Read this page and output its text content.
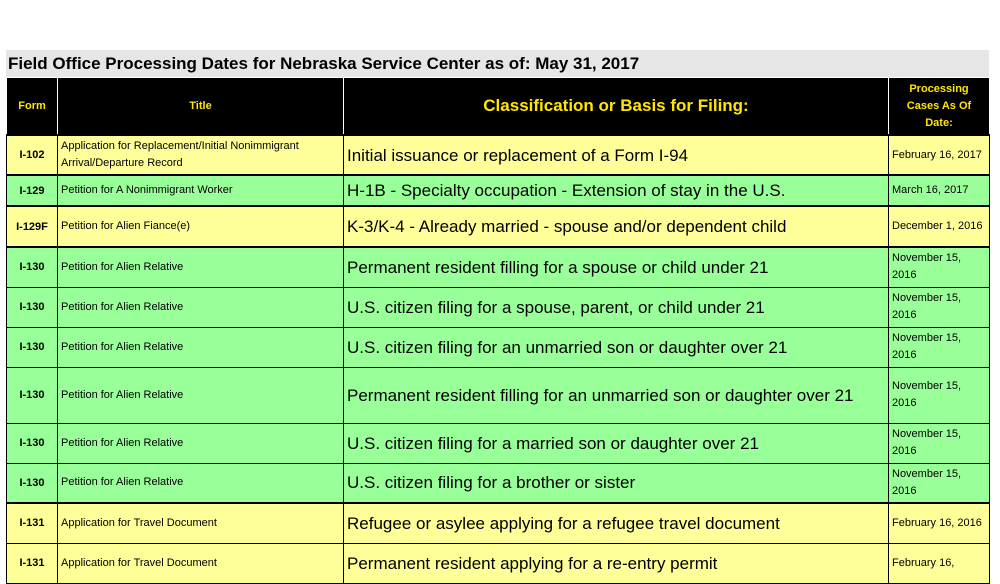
Field Office Processing Dates for Nebraska Service Center as of: May 31, 2017
Form	Title	Classification or Basis for Filing:	Processing Cases As Of Date:
I-102	Application for Replacement/Initial Nonimmigrant Arrival/Departure Record	Initial issuance or replacement of a Form I-94	February 16, 2017
I-129	Petition for A Nonimmigrant Worker	H-1B - Specialty occupation - Extension of stay in the U.S.	March 16, 2017
I-129F	Petition for Alien Fiance(e)	K-3/K-4 - Already married - spouse and/or dependent child	December 1, 2016
I-130	Petition for Alien Relative	Permanent resident filling for a spouse or child under 21	November 15, 2016
I-130	Petition for Alien Relative	U.S. citizen filing for a spouse, parent, or child under 21	November 15, 2016
I-130	Petition for Alien Relative	U.S. citizen filing for an unmarried son or daughter over 21	November 15, 2016
I-130	Petition for Alien Relative	Permanent resident filling for an unmarried son or daughter over 21	November 15, 2016
I-130	Petition for Alien Relative	U.S. citizen filing for a married son or daughter over 21	November 15, 2016
I-130	Petition for Alien Relative	U.S. citizen filing for a brother or sister	November 15, 2016
I-131	Application for Travel Document	Refugee or asylee applying for a refugee travel document	February 16, 2016
I-131	Application for Travel Document	Permanent resident applying for a re-entry permit	February 16,
